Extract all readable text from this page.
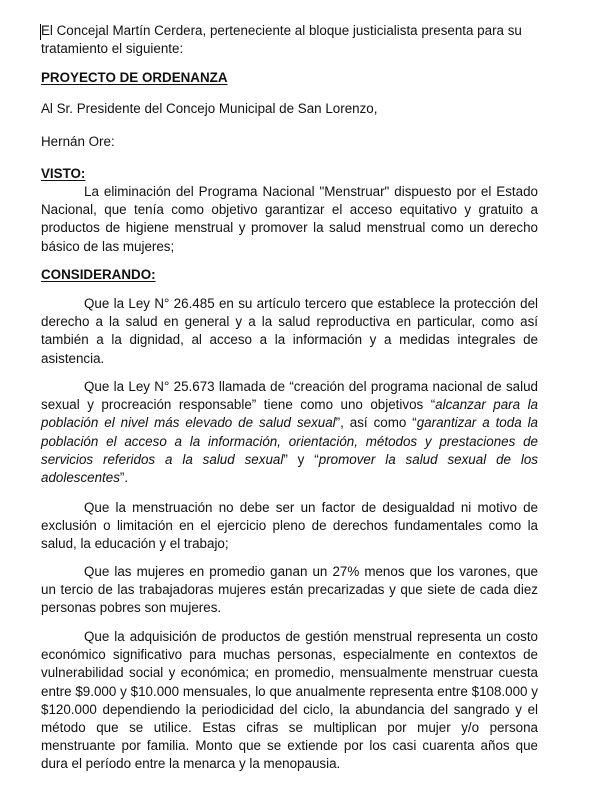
El Concejal Martín Cerdera, perteneciente al bloque justicialista presenta para su tratamiento el siguiente:

PROYECTO DE ORDENANZA

Al Sr. Presidente del Concejo Municipal de San Lorenzo,

Hernán Ore:

VISTO:

La eliminación del Programa Nacional "Menstruar" dispuesto por el Estado Nacional, que tenía como objetivo garantizar el acceso equitativo y gratuito a productos de higiene menstrual y promover la salud menstrual como un derecho básico de las mujeres;

CONSIDERANDO:

Que la Ley N° 26.485 en su artículo tercero que establece la protección del derecho a la salud en general y a la salud reproductiva en particular, como así también a la dignidad, al acceso a la información y a medidas integrales de asistencia.

Que la Ley N° 25.673 llamada de “creación del programa nacional de salud sexual y procreación responsable” tiene como uno objetivos “alcanzar para la población el nivel más elevado de salud sexual”, así como “garantizar a toda la población el acceso a la información, orientación, métodos y prestaciones de servicios referidos a la salud sexual” y “promover la salud sexual de los adolescentes”.

Que la menstruación no debe ser un factor de desigualdad ni motivo de exclusión o limitación en el ejercicio pleno de derechos fundamentales como la salud, la educación y el trabajo;

Que las mujeres en promedio ganan un 27% menos que los varones, que un tercio de las trabajadoras mujeres están precarizadas y que siete de cada diez personas pobres son mujeres.

Que la adquisición de productos de gestión menstrual representa un costo económico significativo para muchas personas, especialmente en contextos de vulnerabilidad social y económica; en promedio, mensualmente menstruar cuesta entre $9.000 y $10.000 mensuales, lo que anualmente representa entre $108.000 y $120.000 dependiendo la periodicidad del ciclo, la abundancia del sangrado y el método que se utilice. Estas cifras se multiplican por mujer y/o persona menstruante por familia. Monto que se extiende por los casi cuarenta años que dura el período entre la menarca y la menopausia.
